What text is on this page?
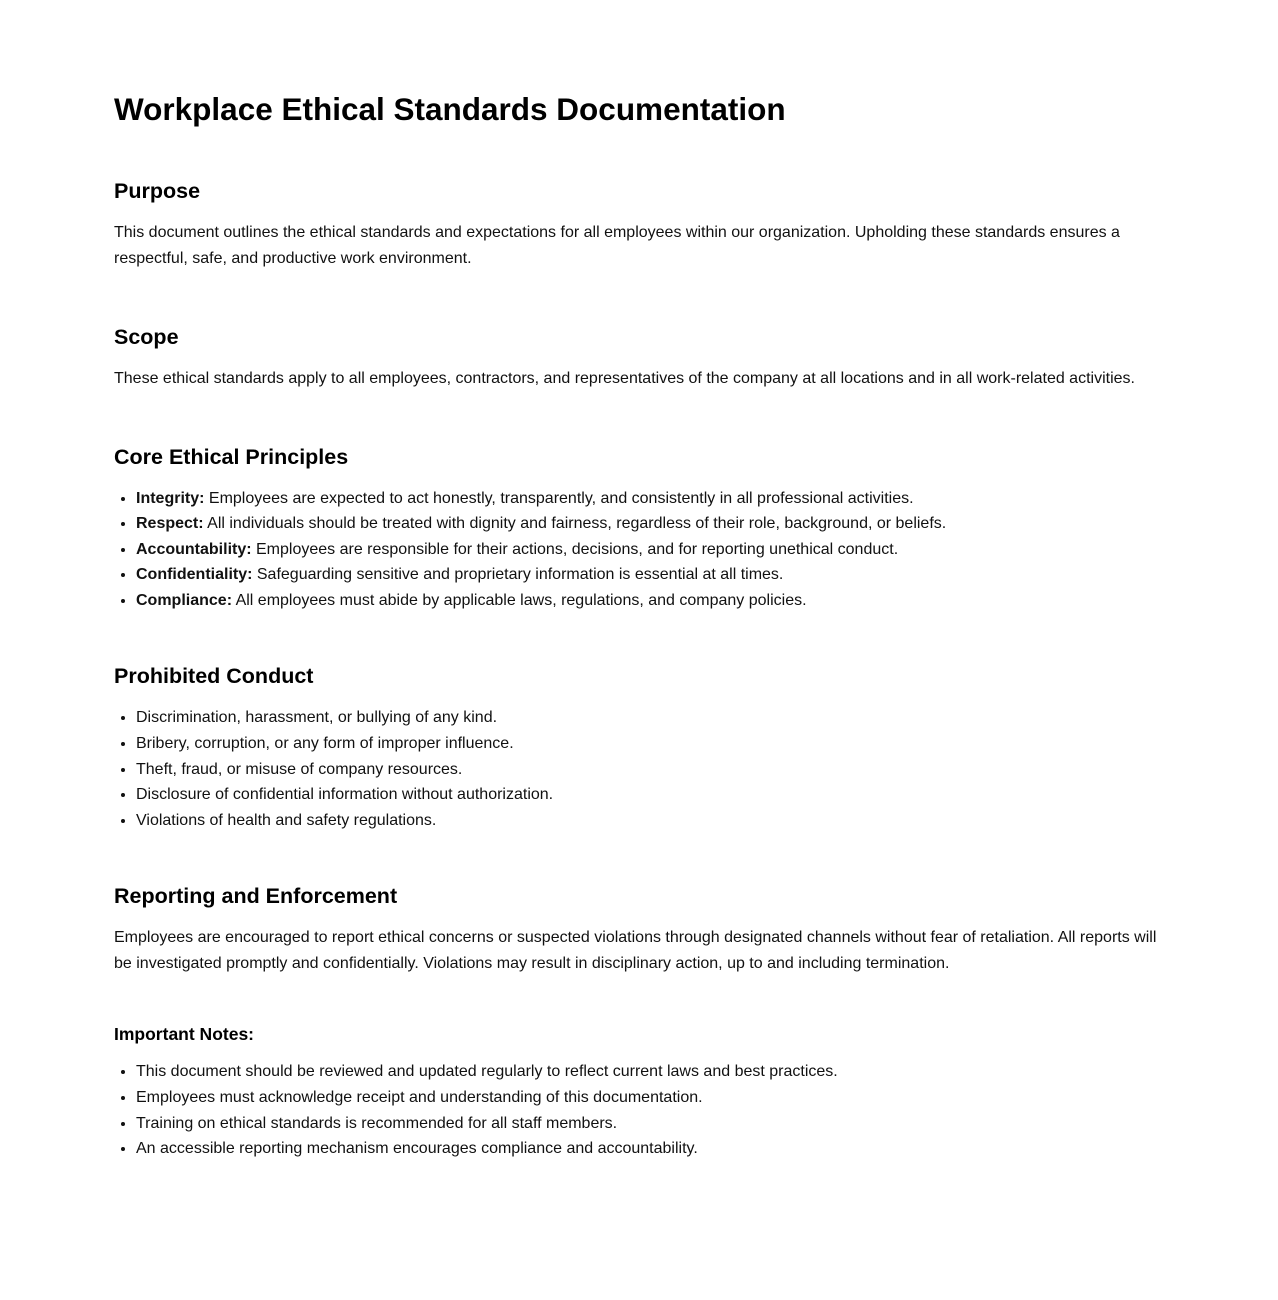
Workplace Ethical Standards Documentation
Purpose

This document outlines the ethical standards and expectations for all employees within our organization. Upholding these standards ensures a respectful, safe, and productive work environment.

Scope

These ethical standards apply to all employees, contractors, and representatives of the company at all locations and in all work-related activities.

Core Ethical Principles
• Integrity: Employees are expected to act honestly, transparently, and consistently in all professional activities.
• Respect: All individuals should be treated with dignity and fairness, regardless of their role, background, or beliefs.
• Accountability: Employees are responsible for their actions, decisions, and for reporting unethical conduct.
• Confidentiality: Safeguarding sensitive and proprietary information is essential at all times.
• Compliance: All employees must abide by applicable laws, regulations, and company policies.
Prohibited Conduct
• Discrimination, harassment, or bullying of any kind.
• Bribery, corruption, or any form of improper influence.
• Theft, fraud, or misuse of company resources.
• Disclosure of confidential information without authorization.
• Violations of health and safety regulations.
Reporting and Enforcement

Employees are encouraged to report ethical concerns or suspected violations through designated channels without fear of retaliation. All reports will be investigated promptly and confidentially. Violations may result in disciplinary action, up to and including termination.

Important Notes:
• This document should be reviewed and updated regularly to reflect current laws and best practices.
• Employees must acknowledge receipt and understanding of this documentation.
• Training on ethical standards is recommended for all staff members.
• An accessible reporting mechanism encourages compliance and accountability.
